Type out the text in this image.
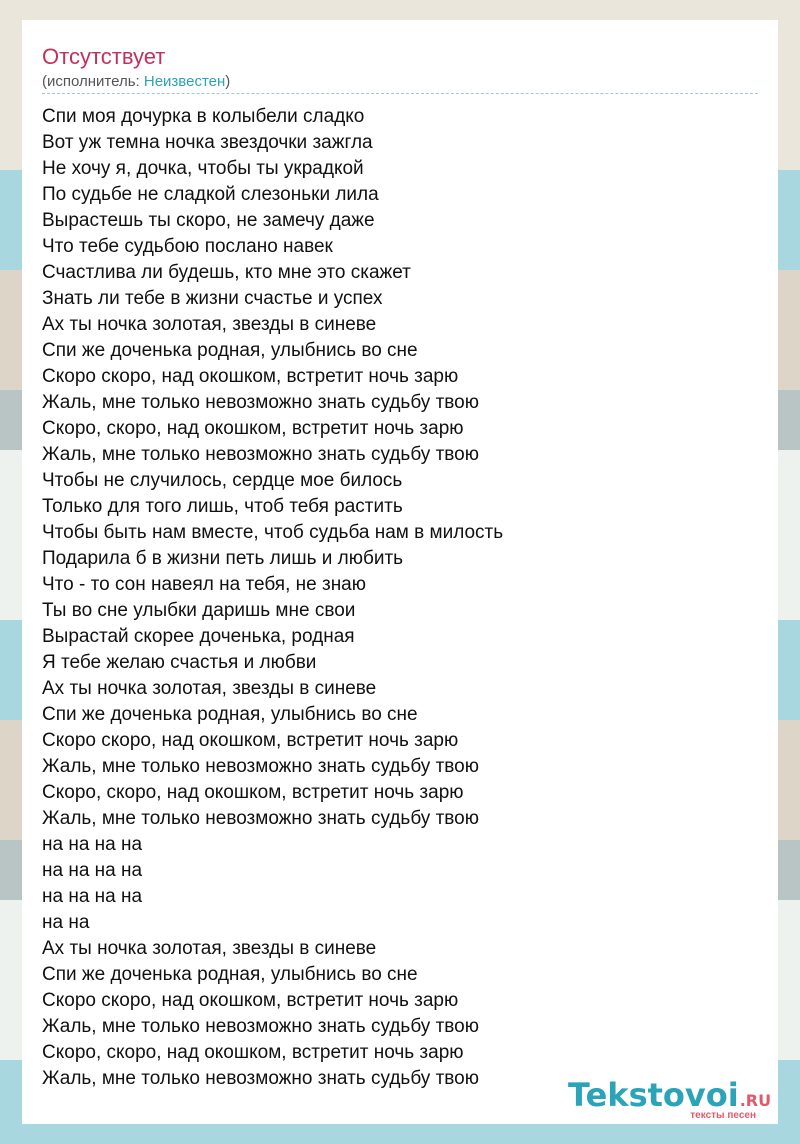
Отсутствует
(исполнитель: Неизвестен)
Спи моя дочурка в колыбели сладко
Вот уж темна ночка звездочки зажгла
Не хочу я, дочка, чтобы ты украдкой
По судьбе не сладкой слезоньки лила
Вырастешь ты скоро, не замечу даже
Что тебе судьбою послано навек
Счастлива ли будешь, кто мне это скажет
Знать ли тебе в жизни счастье и успех
Ах ты ночка золотая, звезды в синеве
Спи же доченька родная, улыбнись во сне
Скоро скоро, над окошком, встретит ночь зарю
Жаль, мне только невозможно знать судьбу твою
Скоро, скоро, над окошком, встретит ночь зарю
Жаль, мне только невозможно знать судьбу твою
Чтобы не случилось, сердце мое билось
Только для того лишь, чтоб тебя растить
Чтобы быть нам вместе, чтоб судьба нам в милость
Подарила б в жизни петь лишь и любить
Что - то сон навеял на тебя, не знаю
Ты во сне улыбки даришь мне свои
Вырастай скорее доченька, родная
Я тебе желаю счастья и любви
Ах ты ночка золотая, звезды в синеве
Спи же доченька родная, улыбнись во сне
Скоро скоро, над окошком, встретит ночь зарю
Жаль, мне только невозможно знать судьбу твою
Скоро, скоро, над окошком, встретит ночь зарю
Жаль, мне только невозможно знать судьбу твою
на на на на
на на на на
на на на на
на на
Ах ты ночка золотая, звезды в синеве
Спи же доченька родная, улыбнись во сне
Скоро скоро, над окошком, встретит ночь зарю
Жаль, мне только невозможно знать судьбу твою
Скоро, скоро, над окошком, встретит ночь зарю
Жаль, мне только невозможно знать судьбу твою	Tekstovoi.RU
тексты песен
